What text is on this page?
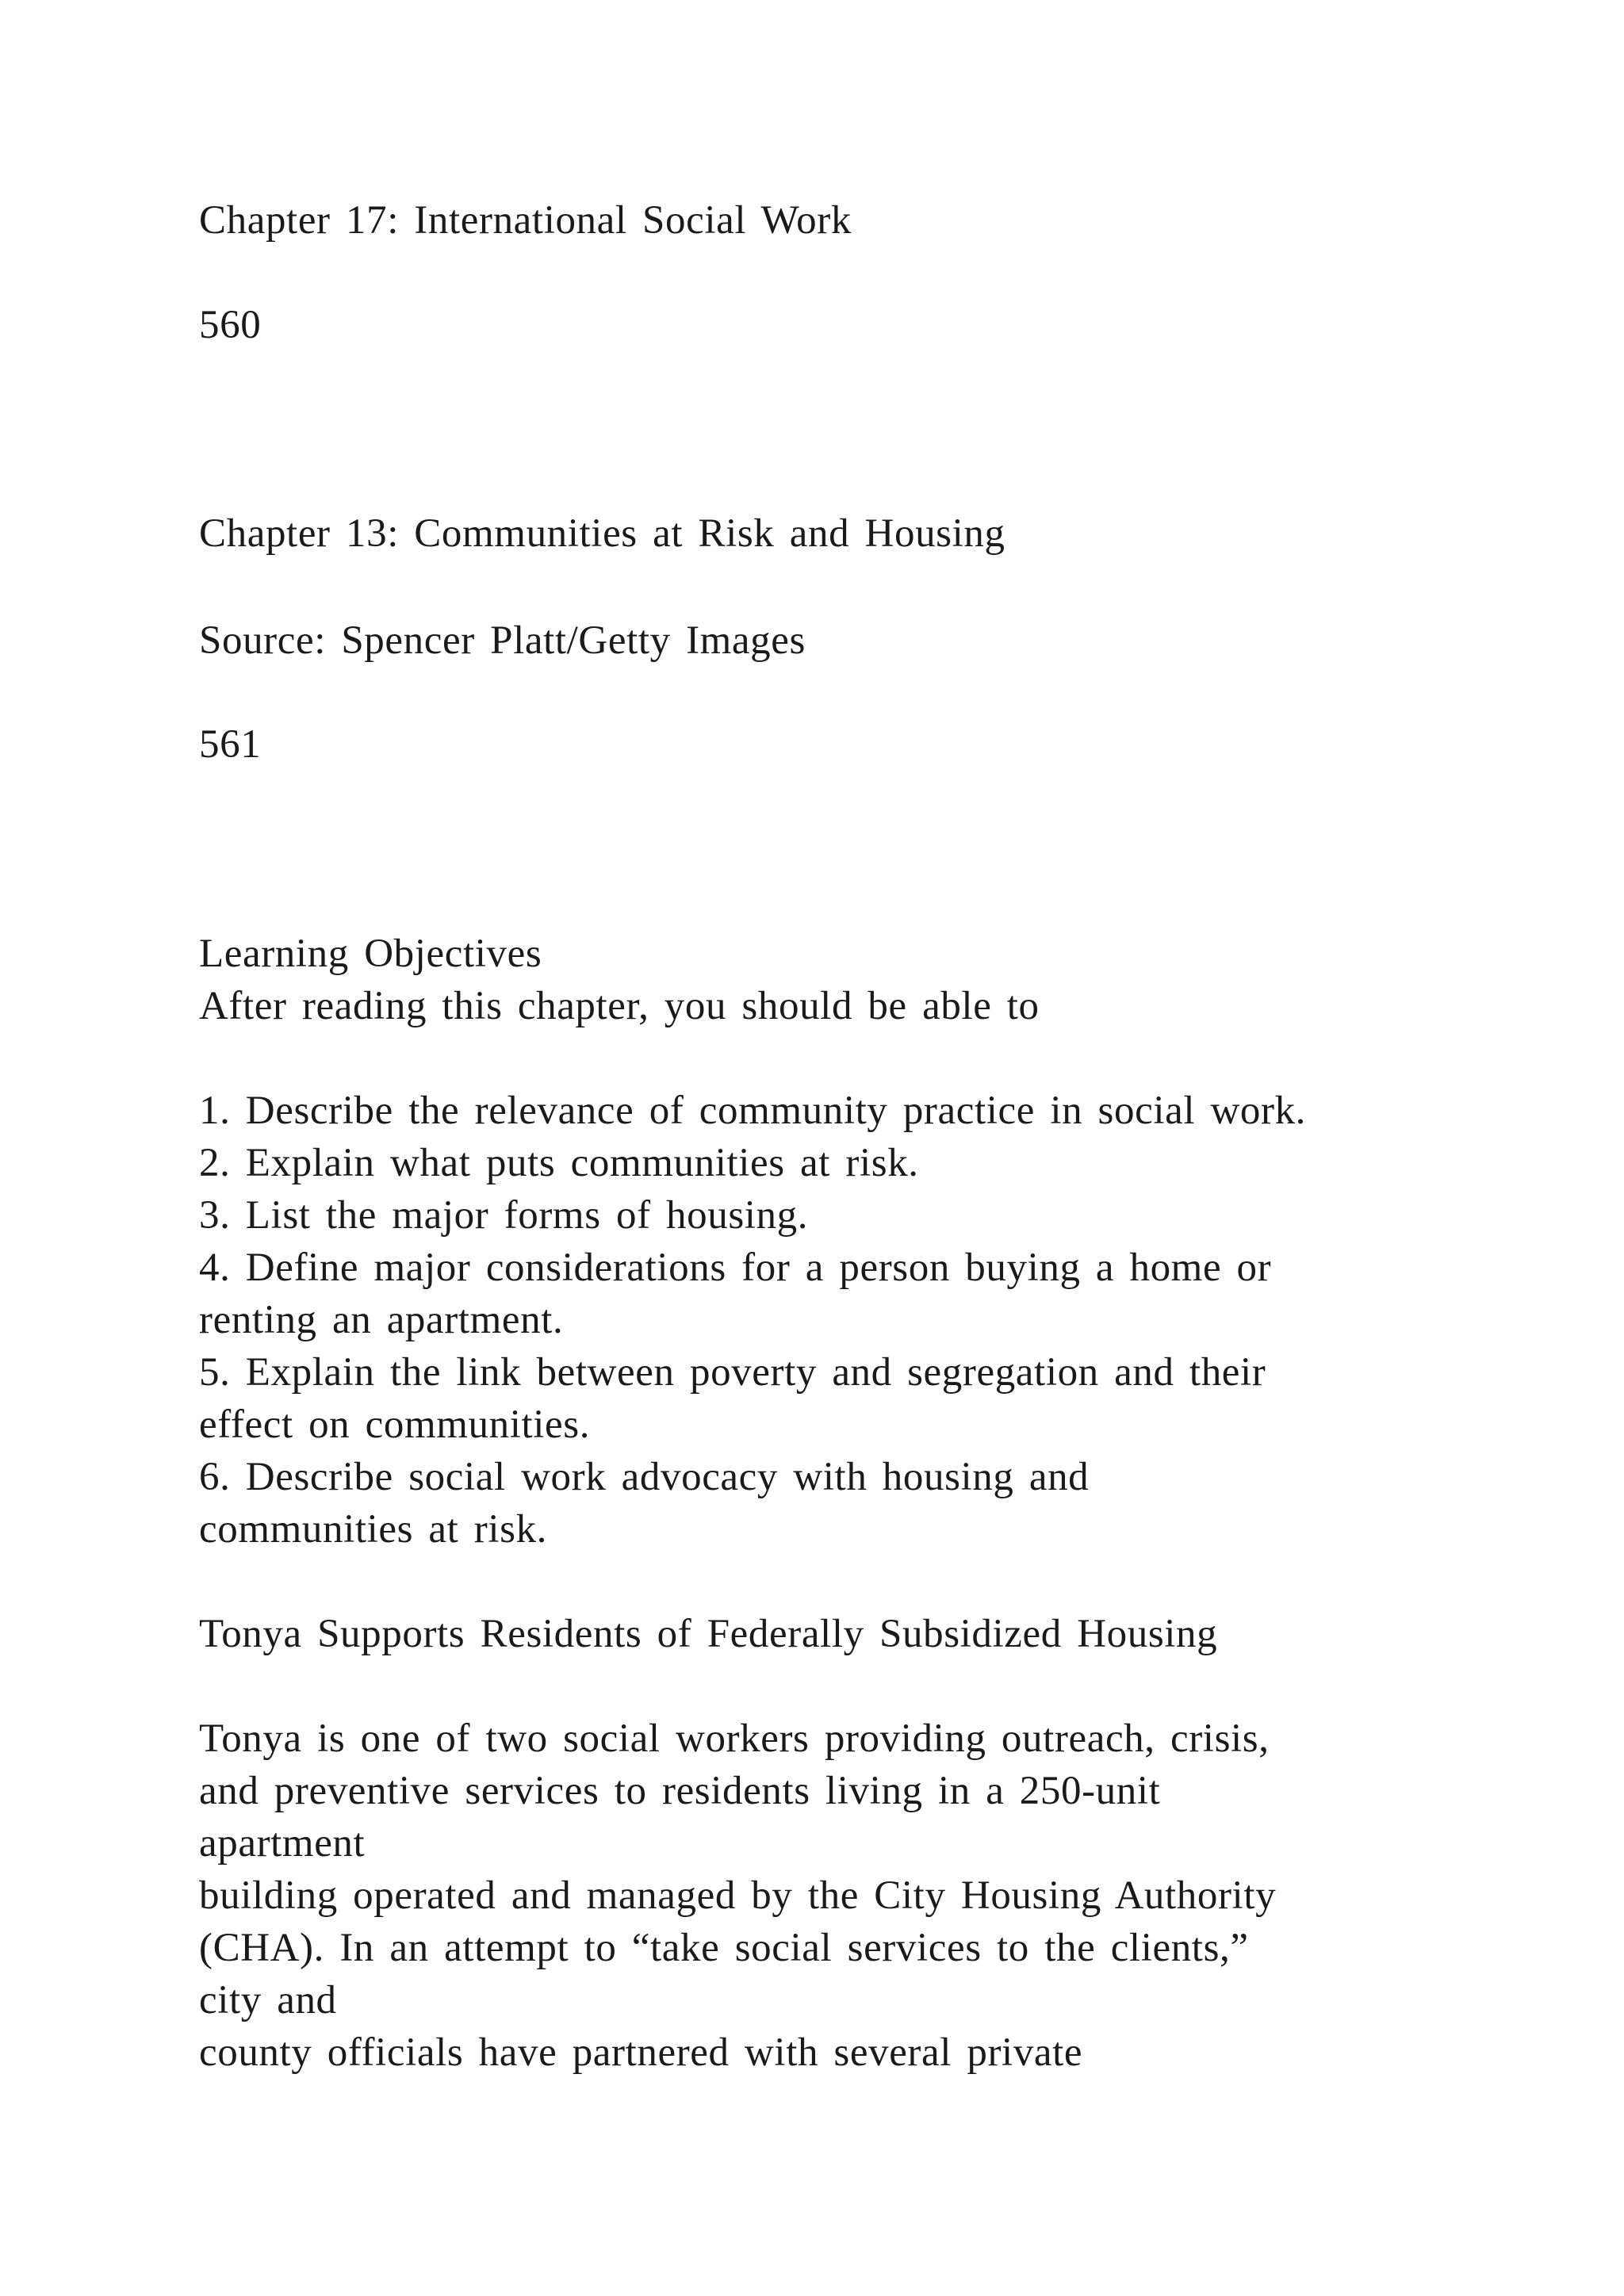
Chapter 17: International Social Work

560

Chapter 13: Communities at Risk and Housing

Source: Spencer Platt/Getty Images

561

Learning Objectives

After reading this chapter, you should be able to

1. Describe the relevance of community practice in social work.

2. Explain what puts communities at risk.

3. List the major forms of housing.

4. Define major considerations for a person buying a home or

renting an apartment.

5. Explain the link between poverty and segregation and their

effect on communities.

6. Describe social work advocacy with housing and

communities at risk.

Tonya Supports Residents of Federally Subsidized Housing

Tonya is one of two social workers providing outreach, crisis,

and preventive services to residents living in a 250-unit

apartment

building operated and managed by the City Housing Authority

(CHA). In an attempt to “take social services to the clients,”

city and

county officials have partnered with several private
